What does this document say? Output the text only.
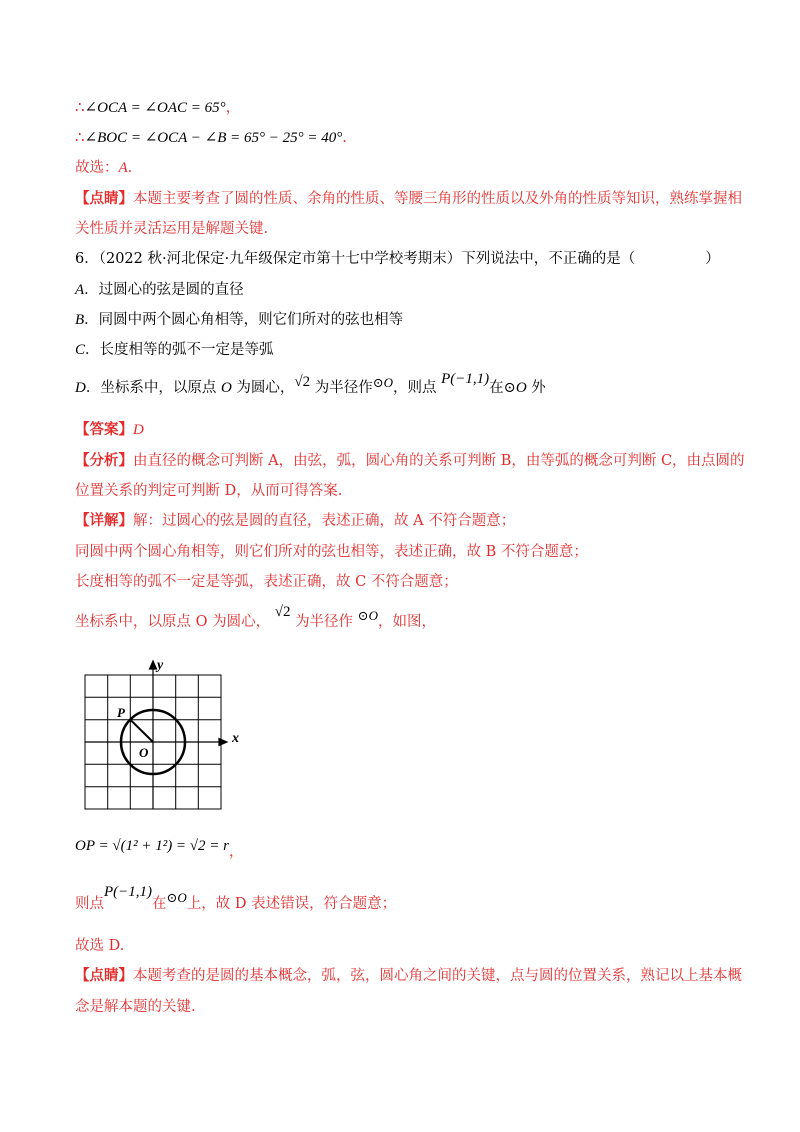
∴∠OCA = ∠OAC = 65°，
∴∠BOC = ∠OCA − ∠B = 65° − 25° = 40°.
故选：A.
【点睛】本题主要考查了圆的性质、余角的性质、等腰三角形的性质以及外角的性质等知识，熟练掌握相
关性质并灵活运用是解题关键.
6．（2022 秋·河北保定·九年级保定市第十七中学校考期末）下列说法中，不正确的是（	）
A．过圆心的弦是圆的直径
B．同圆中两个圆心角相等，则它们所对的弦也相等
C．长度相等的弧不一定是等弧
D．坐标系中，以原点 O 为圆心，√2 为半径作⊙O，则点 P(−1,1)在⊙O 外
【答案】D
【分析】由直径的概念可判断 A，由弦，弧，圆心角的关系可判断 B，由等弧的概念可判断 C，由点圆的
位置关系的判定可判断 D，从而可得答案.
【详解】解：过圆心的弦是圆的直径，表述正确，故 A 不符合题意；
同圆中两个圆心角相等，则它们所对的弦也相等，表述正确，故 B 不符合题意；
长度相等的弧不一定是等弧，表述正确，故 C 不符合题意；
坐标系中，以原点 O 为圆心， √2 为半径作 ⊙O，如图，
x
y
P
O
OP = √(1² + 1²) = √2 = r，
则点P(−1,1)在⊙O上，故 D 表述错误，符合题意；
故选 D.
【点睛】本题考查的是圆的基本概念，弧，弦，圆心角之间的关键，点与圆的位置关系，熟记以上基本概
念是解本题的关键.
